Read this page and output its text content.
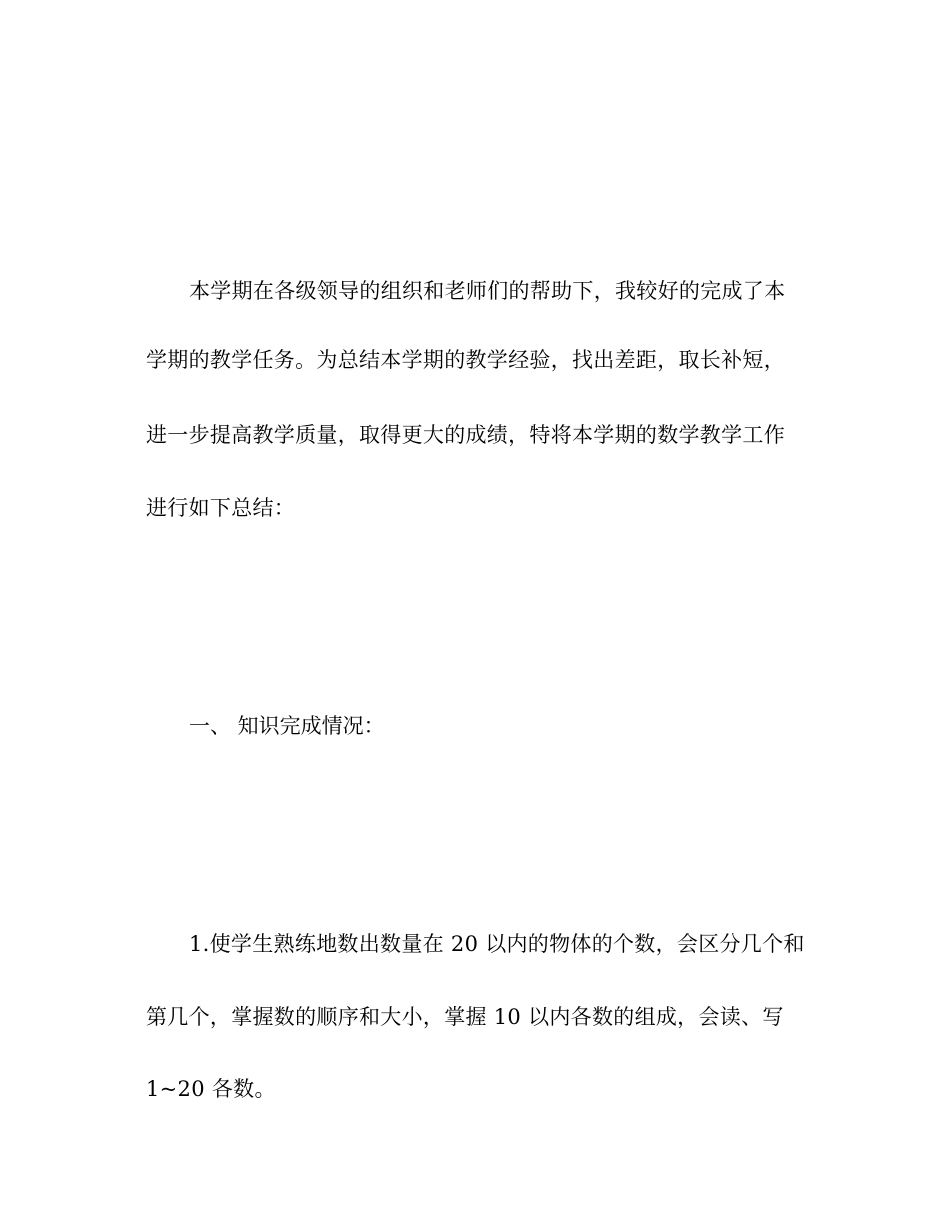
本学期在各级领导的组织和老师们的帮助下，我较好的完成了本
学期的教学任务。为总结本学期的教学经验，找出差距，取长补短，
进一步提高教学质量，取得更大的成绩，特将本学期的数学教学工作
进行如下总结：
一、 知识完成情况：
1.使学生熟练地数出数量在 20 以内的物体的个数，会区分几个和
第几个，掌握数的顺序和大小，掌握 10 以内各数的组成，会读、写
1~20 各数。
